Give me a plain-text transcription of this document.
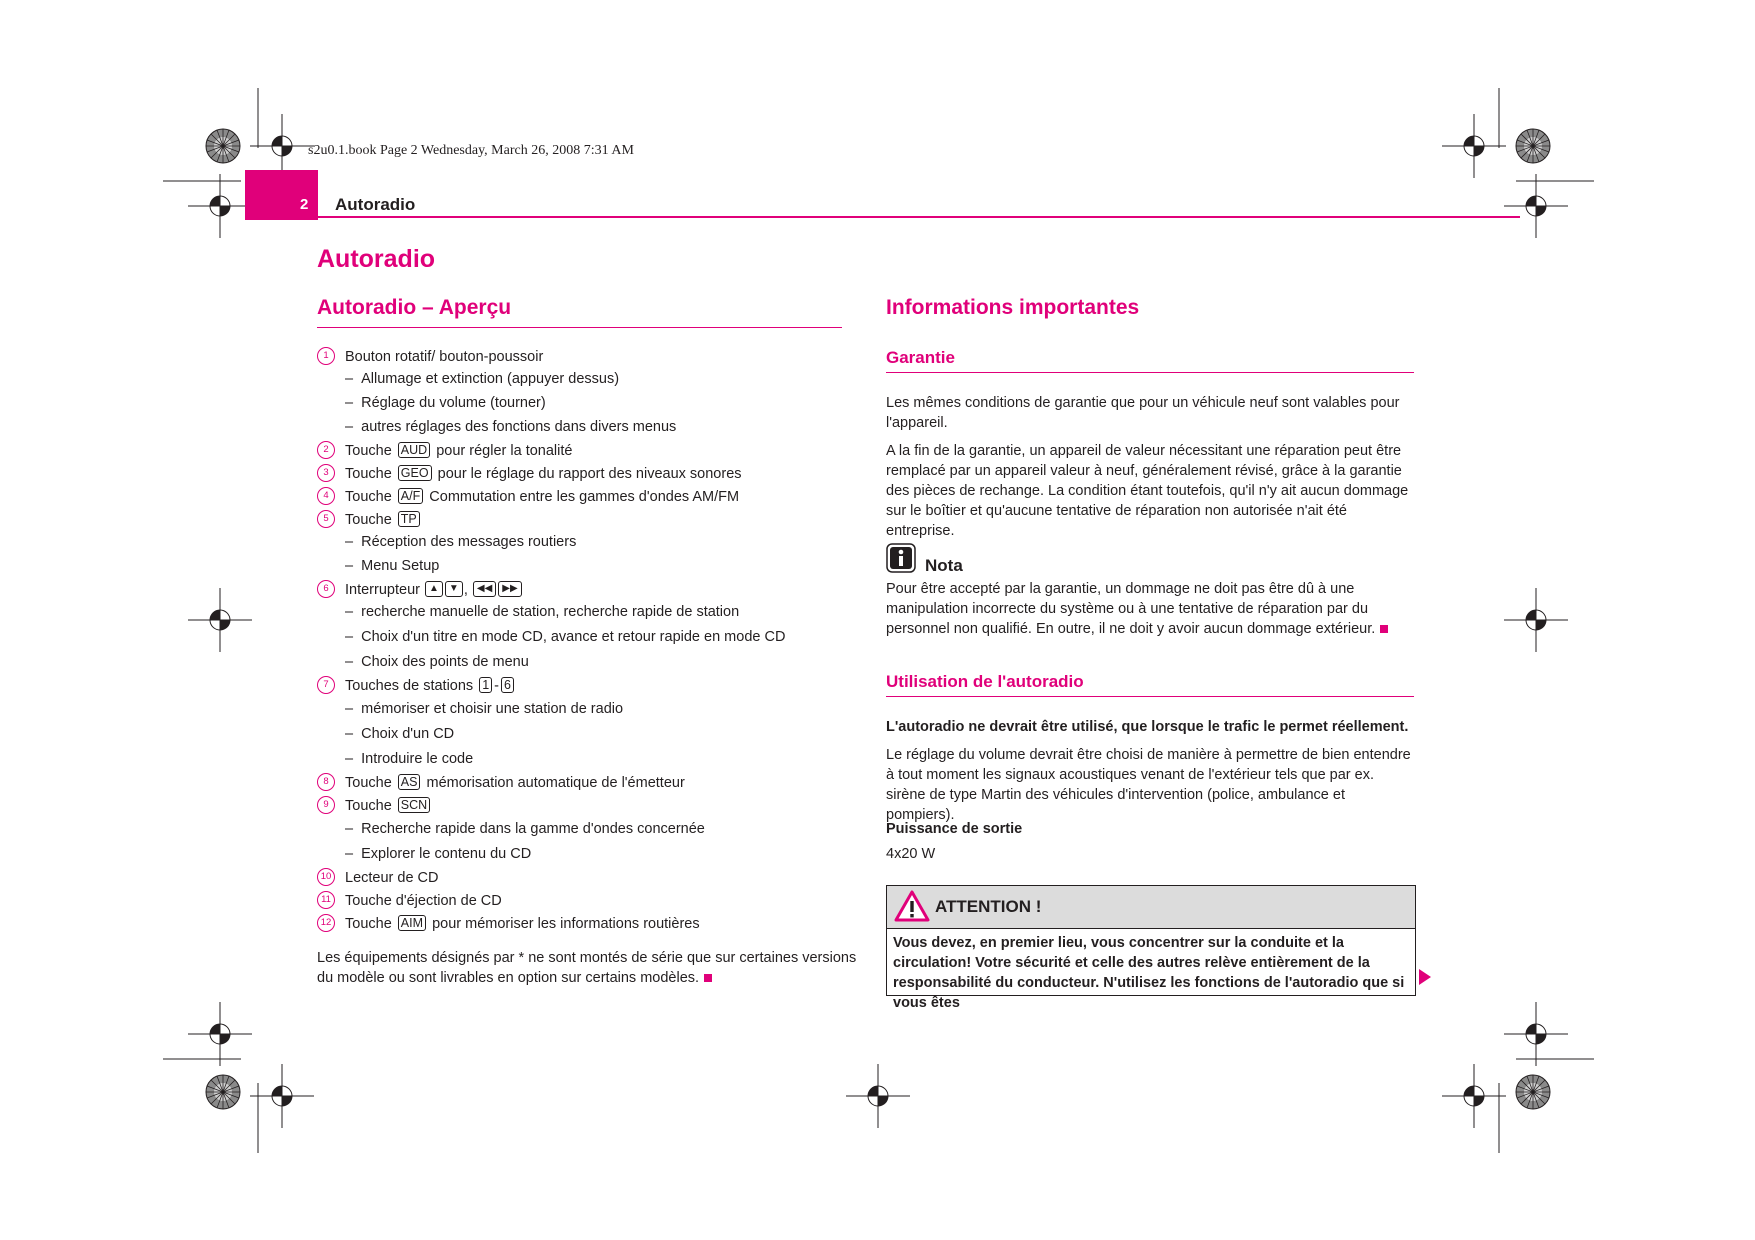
s2u0.1.book Page 2 Wednesday, March 26, 2008 7:31 AM
2 Autoradio
Autoradio
Autoradio – Aperçu
1 Bouton rotatif/ bouton-poussoir
–  Allumage et extinction (appuyer dessus)
–  Réglage du volume (tourner)
–  autres réglages des fonctions dans divers menus
2 Touche AUD pour régler la tonalité
3 Touche GEO pour le réglage du rapport des niveaux sonores
4 Touche A/F Commutation entre les gammes d'ondes AM/FM
5 Touche TP
–  Réception des messages routiers
–  Menu Setup
6 Interrupteur ▲ ▼ , ◀◀ ▶▶
–  recherche manuelle de station, recherche rapide de station
–  Choix d'un titre en mode CD, avance et retour rapide en mode CD
–  Choix des points de menu
7 Touches de stations 1 - 6
–  mémoriser et choisir une station de radio
–  Choix d'un CD
–  Introduire le code
8 Touche AS mémorisation automatique de l'émetteur
9 Touche SCN
–  Recherche rapide dans la gamme d'ondes concernée
–  Explorer le contenu du CD
10 Lecteur de CD
11 Touche d'éjection de CD
12 Touche AIM pour mémoriser les informations routières
Les équipements désignés par * ne sont montés de série que sur certaines versions du modèle ou sont livrables en option sur certains modèles.
Informations importantes
Garantie
Les mêmes conditions de garantie que pour un véhicule neuf sont valables pour l'appareil.
A la fin de la garantie, un appareil de valeur nécessitant une réparation peut être remplacé par un appareil valeur à neuf, généralement révisé, grâce à la garantie des pièces de rechange. La condition étant toutefois, qu'il n'y ait aucun dommage sur le boîtier et qu'aucune tentative de réparation non autorisée n'ait été entreprise.
Nota
Pour être accepté par la garantie, un dommage ne doit pas être dû à une manipulation incorrecte du système ou à une tentative de réparation par du personnel non qualifié. En outre, il ne doit y avoir aucun dommage extérieur.
Utilisation de l'autoradio
L'autoradio ne devrait être utilisé, que lorsque le trafic le permet réellement.
Le réglage du volume devrait être choisi de manière à permettre de bien entendre à tout moment les signaux acoustiques venant de l'extérieur tels que par ex. sirène de type Martin des véhicules d'intervention (police, ambulance et pompiers).
Puissance de sortie
4x20 W
ATTENTION !
Vous devez, en premier lieu, vous concentrer sur la conduite et la circulation! Votre sécurité et celle des autres relève entièrement de la responsabilité du conducteur. N'utilisez les fonctions de l'autoradio que si vous êtes
